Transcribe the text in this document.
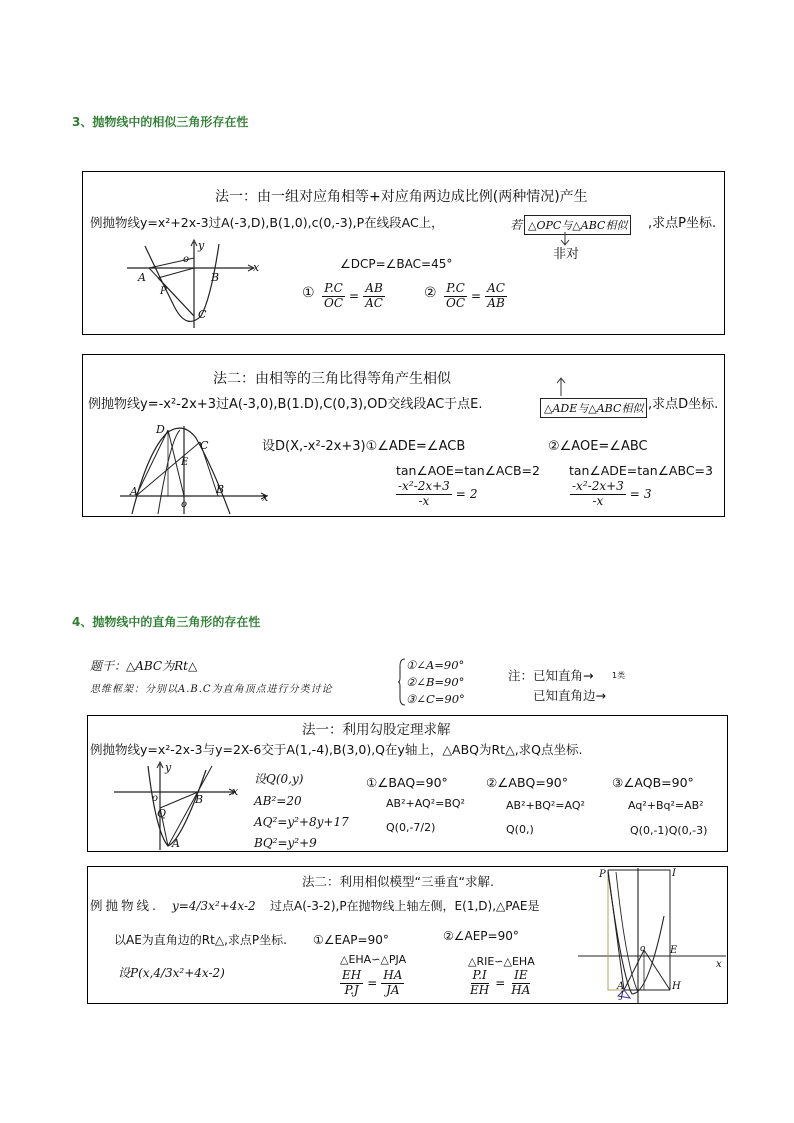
3、抛物线中的相似三角形存在性
法一：由一组对应角相等+对应角两边成比例(两种情况)产生
例抛物线y=x²+2x-3过A(-3,D),B(1,0),c(0,-3),P在线段AC上，	若 △OPC与△ABC相似	,求点P坐标.
非对
∠DCP=∠BAC=45°
① $\frac{P.C}{OC} = \frac{AB}{AC}$	② $\frac{P.C}{OC} = \frac{AC}{AB}$
y
o
x
A	B
P
C
法二：由相等的三角比得等角产生相似
例抛物线y=-x²-2x+3过A(-3,0),B(1.D),C(0,3),OD交线段AC于点E.	△ADE与△ABC相似 ,求点D坐标.
设D(X,-x²-2x+3)①∠ADE=∠ACB	②∠AOE=∠ABC
tan∠AOE=tan∠ACB=2 tan∠ADE=tan∠ABC=3
$\frac{\text{-x²-2x+3}}{-x} = 2$	$\frac{\text{-x²-2x+3}}{-x} = 3$
D
C
E
A	B
o
x
4、抛物线中的直角三角形的存在性
题干：△ABC为Rt△
思维框架：分别以A.B.C为直角顶点进行分类讨论
①∠A=90°
②∠B=90°
③∠C=90°
注：已知直角→ 1类
已知直角边→
法一：利用勾股定理求解
例抛物线y=x²-2x-3与y=2X-6交于A(1,-4),B(3,0),Q在y轴上，△ABQ为Rt△,求Q点坐标.
设Q(0,y)
AB²=20
AQ²=y²+8y+17
BQ²=y²+9
①∠BAQ=90°
AB²+AQ²=BQ²
Q(0,-7/2)
②∠ABQ=90°
AB²+BQ²=AQ²
Q(0,)
③∠AQB=90°
Aq²+Bq²=AB²
Q(0,-1)Q(0,-3)
y
o	B
x
Q
A
法二：利用相似模型“三垂直“求解.
例抛物线. y=4/3x²+4x-2 过点A(-3-2),P在抛物线上轴左侧，E(1,D),△PAE是
以AE为直角边的Rt△,求点P坐标. ①∠EAP=90°	②∠AEP=90°
△EHA∽△PJA	△RIE∽△EHA
设P(x,4/3x²+4x-2)	$\frac{EH}{P.J} = \frac{HA}{JA}$	$\frac{P.I}{EH} = \frac{IE}{HA}$
P	I
o E
x
A	H
J
